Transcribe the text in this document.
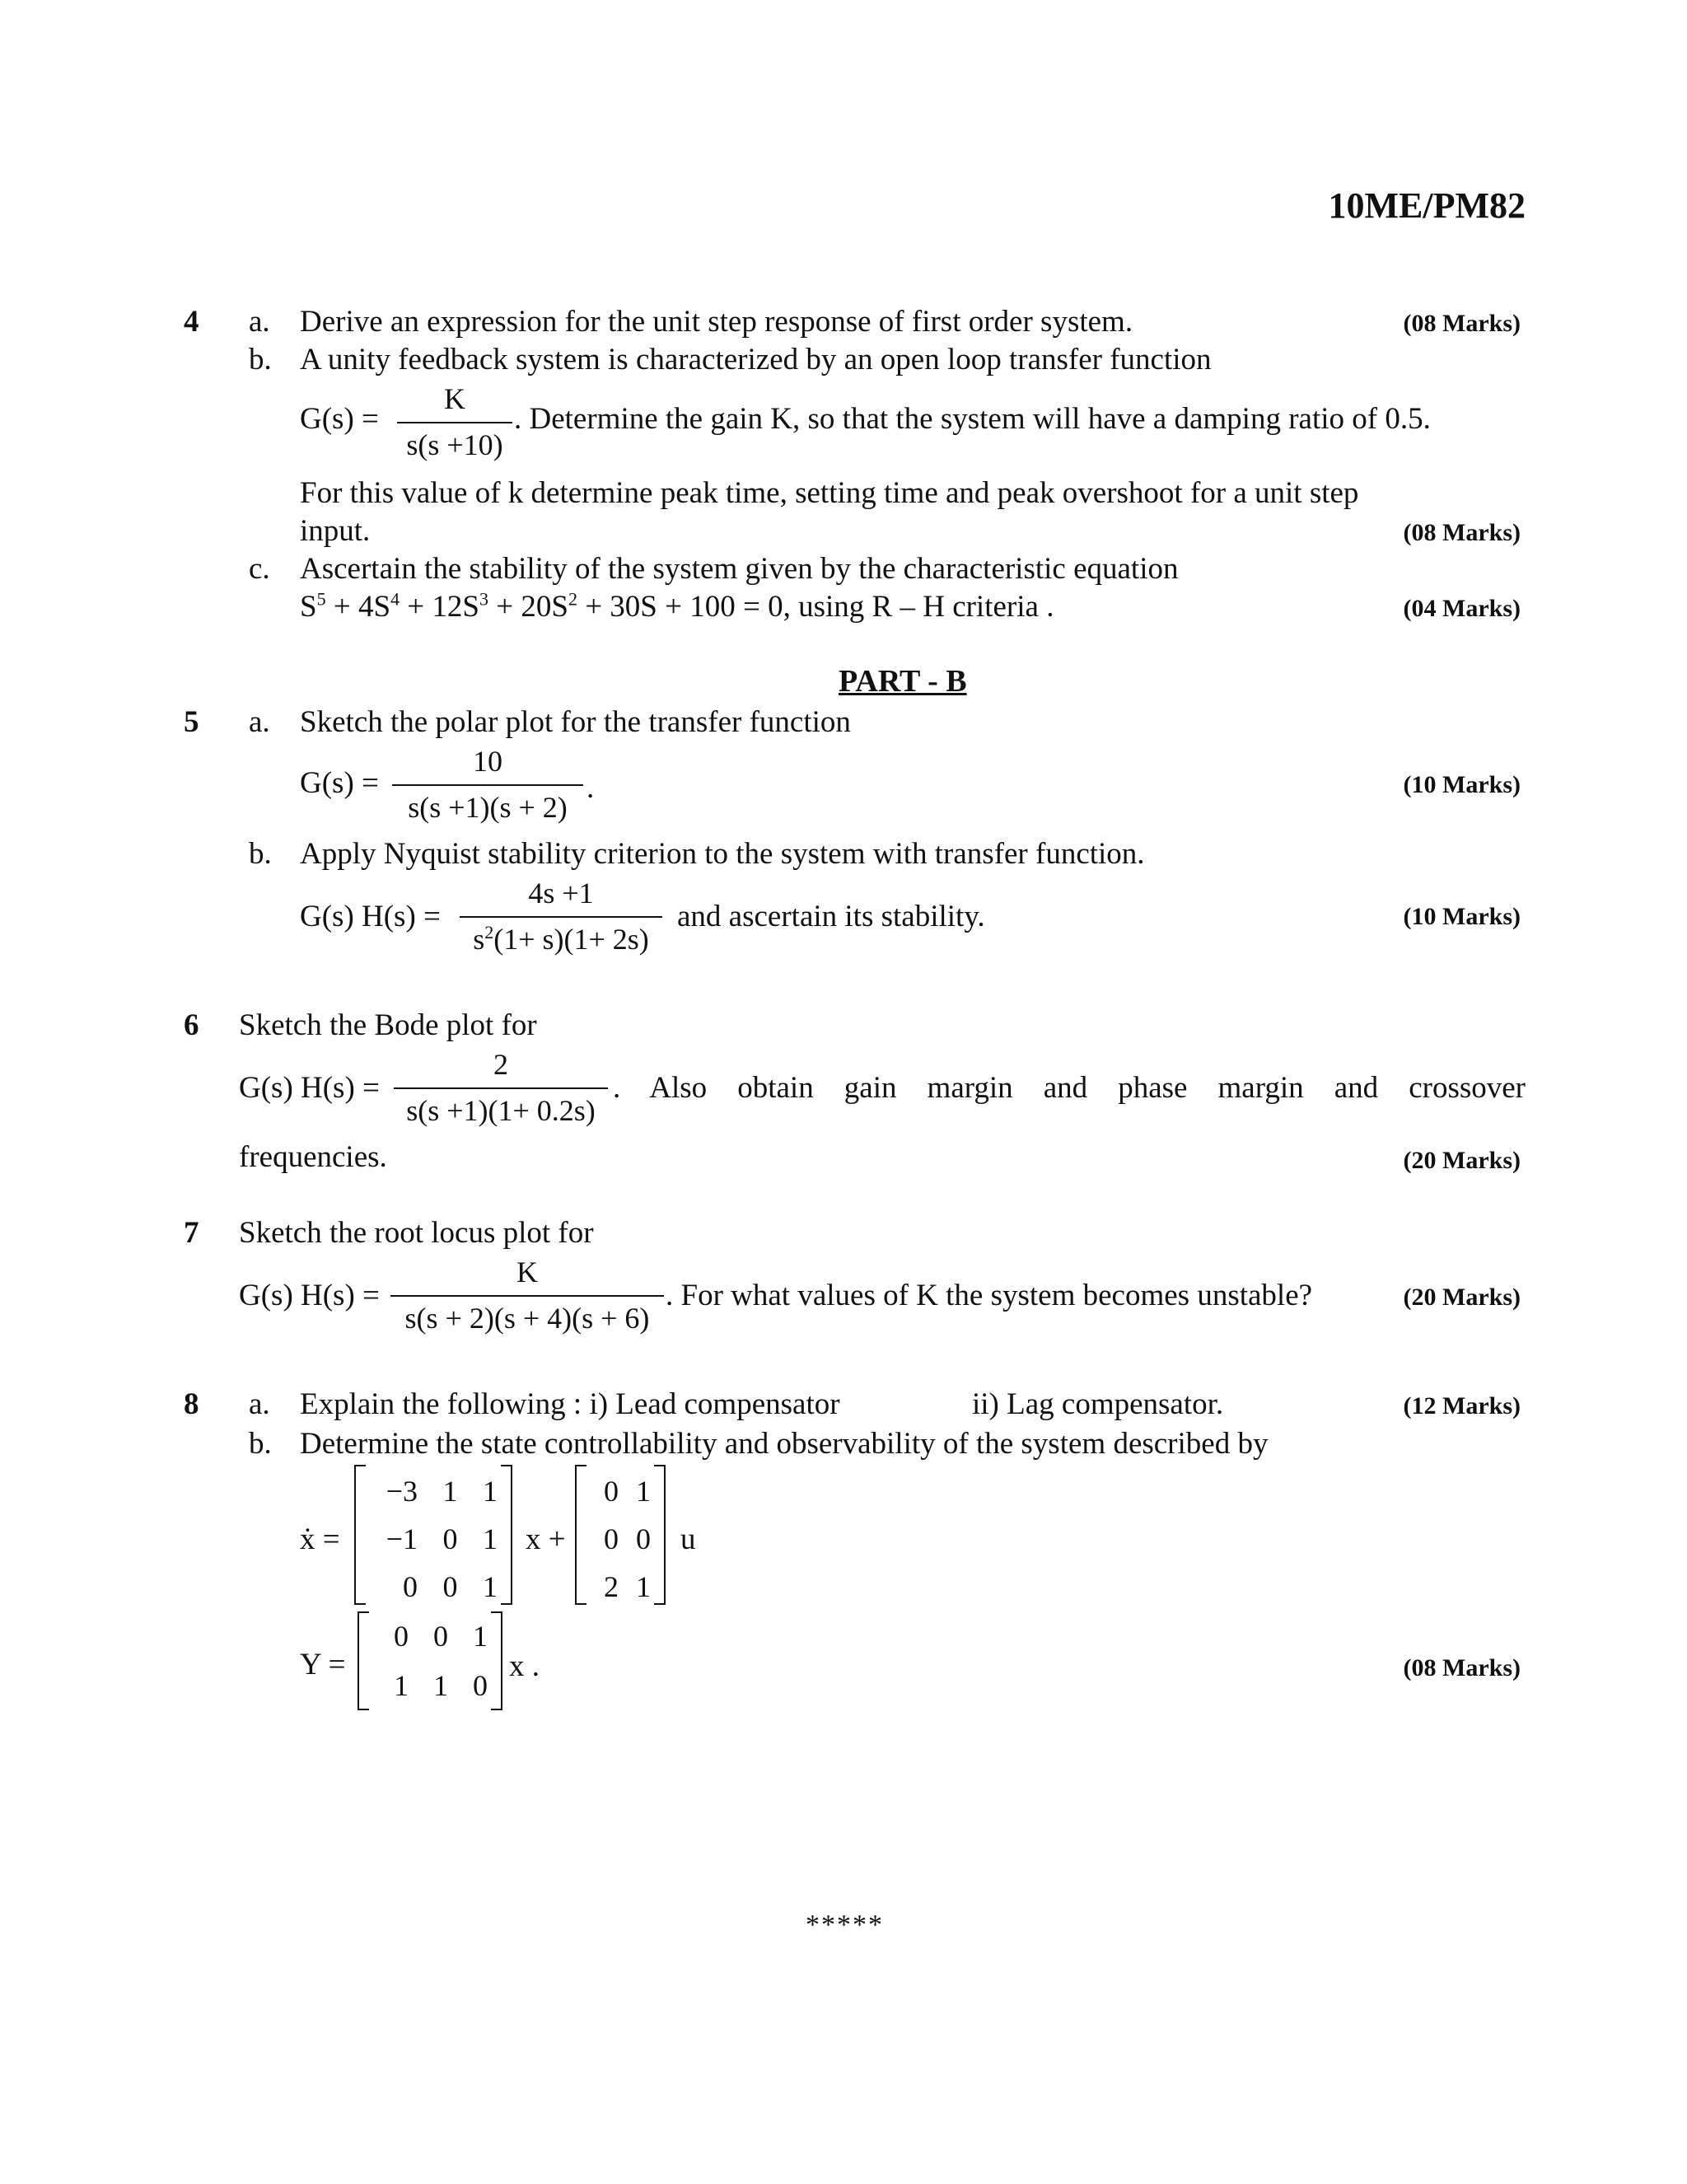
10ME/PM82
4 a. Derive an expression for the unit step response of first order system.	(08 Marks)
b. A unity feedback system is characterized by an open loop transfer function
$G(s) = \frac{K}{s(s +10)}$ . Determine the gain K, so that the system will have a damping ratio of 0.5.
For this value of k determine peak time, setting time and peak overshoot for a unit step
input.	(08 Marks)
c. Ascertain the stability of the system given by the characteristic equation
$S^5 + 4S^4 + 12S^3 + 20S^2 + 30S + 100 = 0$, using R – H criteria .	(04 Marks)
PART - B
5 a. Sketch the polar plot for the transfer function
$G(s) = \frac{10}{s(s +1)(s + 2)}$ .	(10 Marks)
b. Apply Nyquist stability criterion to the system with transfer function.
G(s) $H(s) = \frac{4s +1}{s^2(1+ s)(1+ 2s)}$ and ascertain its stability.	(10 Marks)
6 Sketch the Bode plot for
G(s) $H(s) = \frac{2}{s(s +1)(1+ 0.2s)}$ . Also obtain gain margin and phase margin and crossover
frequencies.	(20 Marks)
7 Sketch the root locus plot for
G(s) $H(s) = \frac{K}{s(s + 2)(s + 4)(s + 6)}$ . For what values of K the system becomes unstable?	(20 Marks)
8 a. Explain the following : i) Lead compensator	ii) Lag compensator.	(12 Marks)
b. Determine the state controllability and observability of the system described by
ẋ =
−3 1 1
−1 0 1
0 0 1
x +
0 1
0 0
2 1
u
Y =
0 0 1
1 1 0
x .	(08 Marks)
*****
